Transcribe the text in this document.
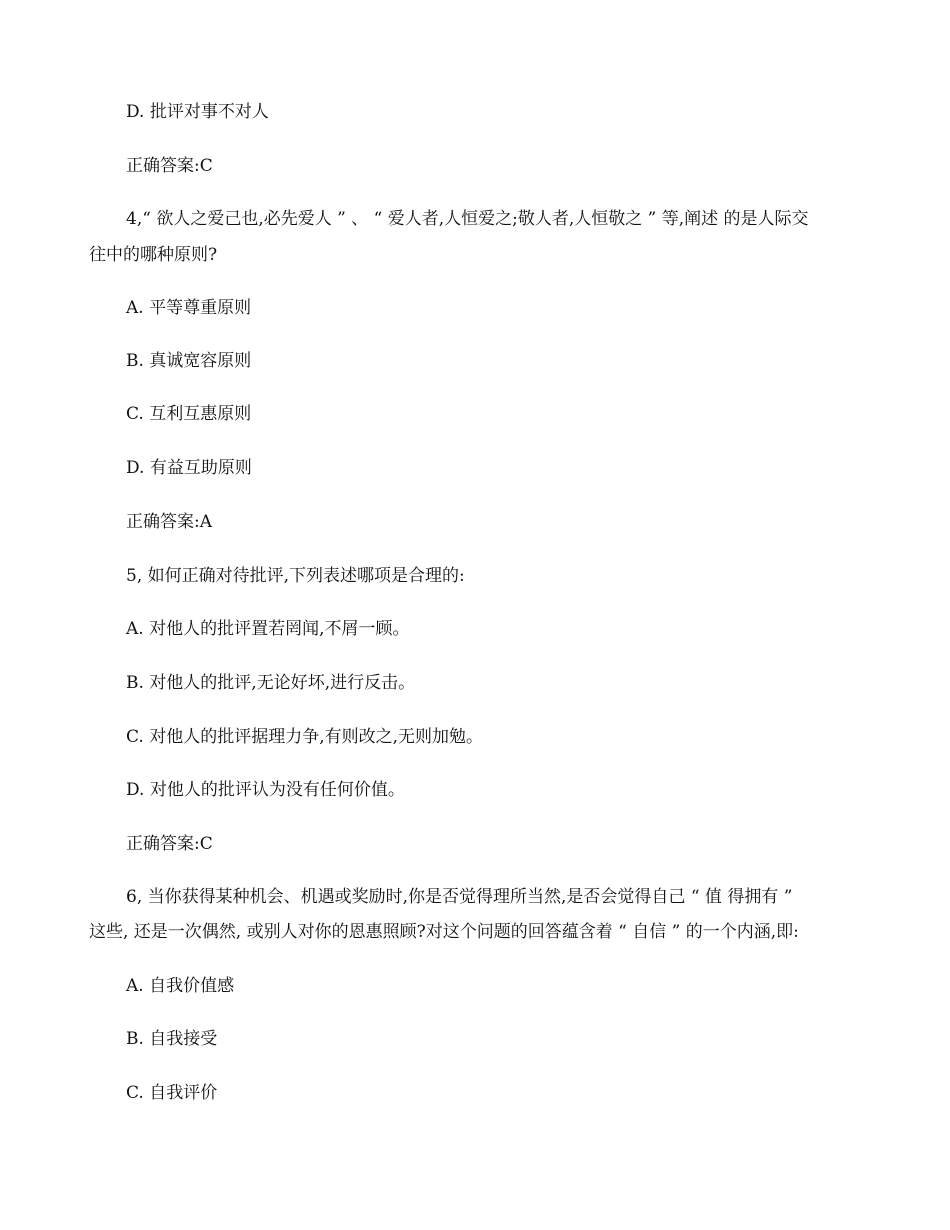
D. 批评对事不对人
正确答案:C
4,“ 欲人之爱己也,必先爱人 ” 、 “ 爱人者,人恒爱之;敬人者,人恒敬之 ” 等,阐述 的是人际交
往中的哪种原则?
A. 平等尊重原则
B. 真诚宽容原则
C. 互利互惠原则
D. 有益互助原则
正确答案:A
5, 如何正确对待批评,下列表述哪项是合理的:
A. 对他人的批评置若罔闻,不屑一顾。
B. 对他人的批评,无论好坏,进行反击。
C. 对他人的批评据理力争,有则改之,无则加勉。
D. 对他人的批评认为没有任何价值。
正确答案:C
6, 当你获得某种机会、机遇或奖励时,你是否觉得理所当然,是否会觉得自己 “ 值 得拥有 ”
这些, 还是一次偶然, 或别人对你的恩惠照顾?对这个问题的回答蕴含着 “ 自信 ” 的一个内涵,即:
A. 自我价值感
B. 自我接受
C. 自我评价
